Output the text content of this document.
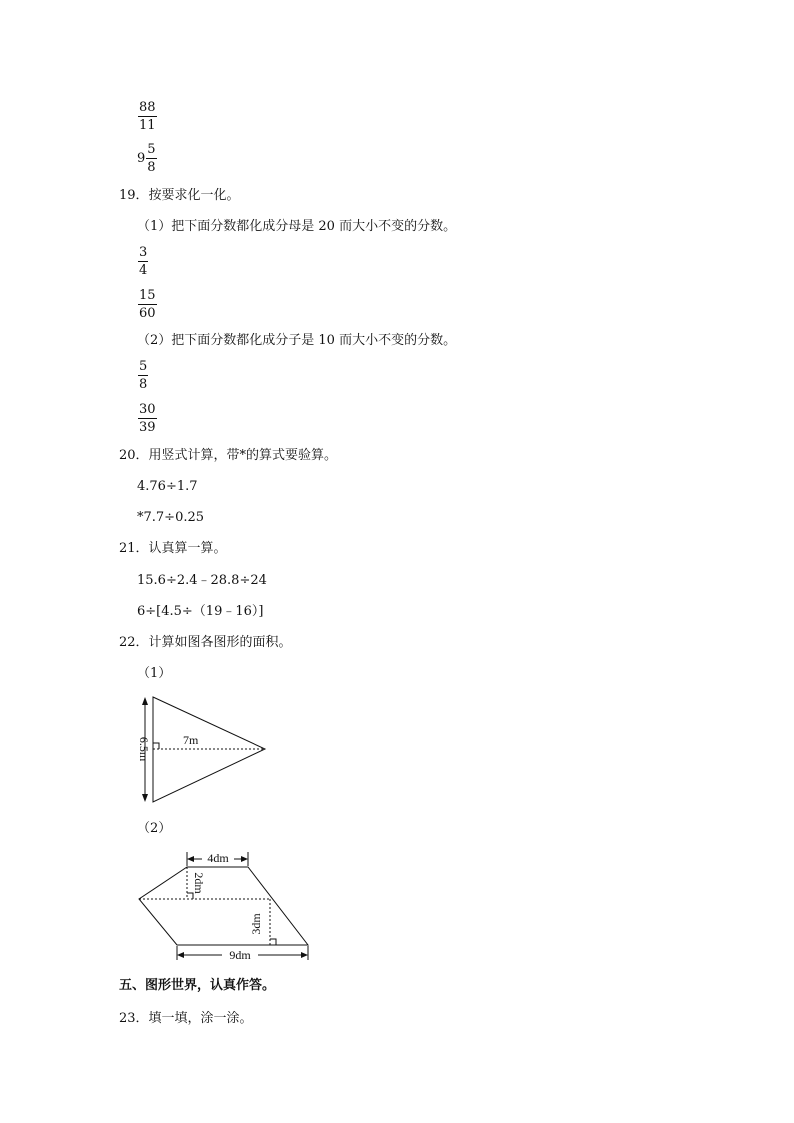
88
11
$9 \frac{5}{8}$
19．按要求化一化。
（1）把下面分数都化成分母是 20 而大小不变的分数。
3
4
15
60
（2）把下面分数都化成分子是 10 而大小不变的分数。
5
8
30
39
20．用竖式计算，带*的算式要验算。
4.76÷1.7
*7.7÷0.25
21．认真算一算。
15.6÷2.4﹣28.8÷24
6÷[4.5÷（19﹣16）]
22．计算如图各图形的面积。
（1）
7m
6.5m
（2）
4dm
9dm
2dm
3dm
五、图形世界，认真作答。
23．填一填，涂一涂。
